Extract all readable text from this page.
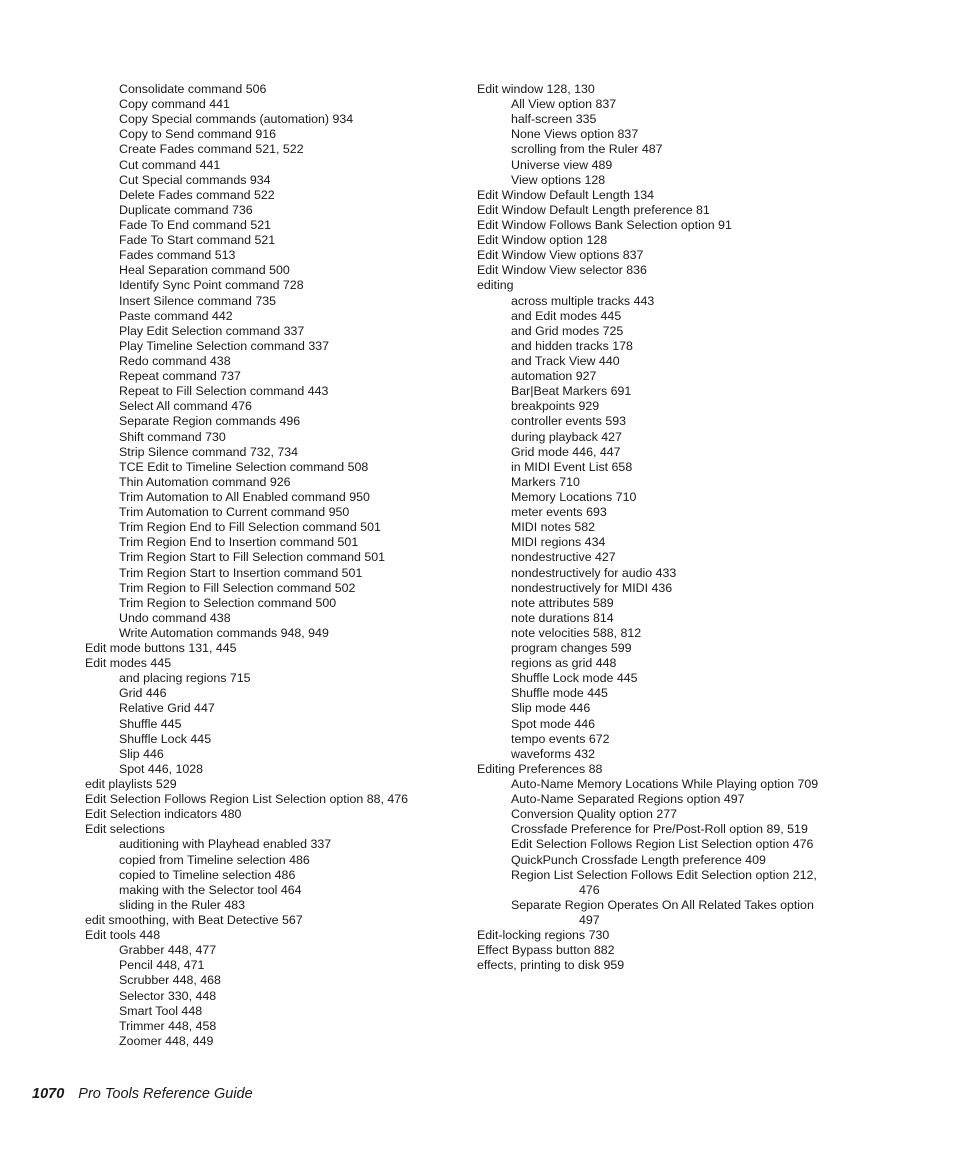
Consolidate command 506
Copy command 441
Copy Special commands (automation) 934
Copy to Send command 916
Create Fades command 521, 522
Cut command 441
Cut Special commands 934
Delete Fades command 522
Duplicate command 736
Fade To End command 521
Fade To Start command 521
Fades command 513
Heal Separation command 500
Identify Sync Point command 728
Insert Silence command 735
Paste command 442
Play Edit Selection command 337
Play Timeline Selection command 337
Redo command 438
Repeat command 737
Repeat to Fill Selection command 443
Select All command 476
Separate Region commands 496
Shift command 730
Strip Silence command 732, 734
TCE Edit to Timeline Selection command 508
Thin Automation command 926
Trim Automation to All Enabled command 950
Trim Automation to Current command 950
Trim Region End to Fill Selection command 501
Trim Region End to Insertion command 501
Trim Region Start to Fill Selection command 501
Trim Region Start to Insertion command 501
Trim Region to Fill Selection command 502
Trim Region to Selection command 500
Undo command 438
Write Automation commands 948, 949
Edit mode buttons 131, 445
Edit modes 445
and placing regions 715
Grid 446
Relative Grid 447
Shuffle 445
Shuffle Lock 445
Slip 446
Spot 446, 1028
edit playlists 529
Edit Selection Follows Region List Selection option 88, 476
Edit Selection indicators 480
Edit selections
auditioning with Playhead enabled 337
copied from Timeline selection 486
copied to Timeline selection 486
making with the Selector tool 464
sliding in the Ruler 483
edit smoothing, with Beat Detective 567
Edit tools 448
Grabber 448, 477
Pencil 448, 471
Scrubber 448, 468
Selector 330, 448
Smart Tool 448
Trimmer 448, 458
Zoomer 448, 449
Edit window 128, 130
All View option 837
half-screen 335
None Views option 837
scrolling from the Ruler 487
Universe view 489
View options 128
Edit Window Default Length 134
Edit Window Default Length preference 81
Edit Window Follows Bank Selection option 91
Edit Window option 128
Edit Window View options 837
Edit Window View selector 836
editing
across multiple tracks 443
and Edit modes 445
and Grid modes 725
and hidden tracks 178
and Track View 440
automation 927
Bar|Beat Markers 691
breakpoints 929
controller events 593
during playback 427
Grid mode 446, 447
in MIDI Event List 658
Markers 710
Memory Locations 710
meter events 693
MIDI notes 582
MIDI regions 434
nondestructive 427
nondestructively for audio 433
nondestructively for MIDI 436
note attributes 589
note durations 814
note velocities 588, 812
program changes 599
regions as grid 448
Shuffle Lock mode 445
Shuffle mode 445
Slip mode 446
Spot mode 446
tempo events 672
waveforms 432
Editing Preferences 88
Auto-Name Memory Locations While Playing option 709
Auto-Name Separated Regions option 497
Conversion Quality option 277
Crossfade Preference for Pre/Post-Roll option 89, 519
Edit Selection Follows Region List Selection option 476
QuickPunch Crossfade Length preference 409
Region List Selection Follows Edit Selection option 212,
476
Separate Region Operates On All Related Takes option
497
Edit-locking regions 730
Effect Bypass button 882
effects, printing to disk 959
1070 Pro Tools Reference Guide
